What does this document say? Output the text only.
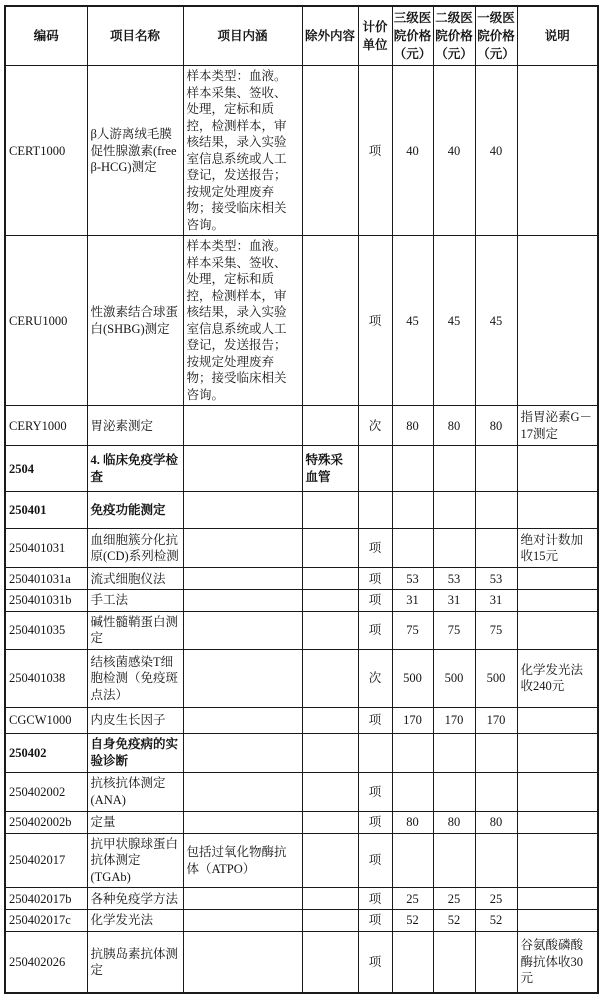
编码	项目名称	项目内涵	除外内容	计价单位	三级医院价格（元）	二级医院价格（元）	一级医院价格（元）	说明
CERT1000	β人游离绒毛膜促性腺激素(free β-HCG)测定	样本类型：血液。样本采集、签收、处理，定标和质控，检测样本，审核结果，录入实验室信息系统或人工登记，发送报告；按规定处理废弃物；接受临床相关咨询。		项	40	40	40	
CERU1000	性激素结合球蛋白(SHBG)测定	样本类型：血液。样本采集、签收、处理，定标和质控，检测样本，审核结果，录入实验室信息系统或人工登记，发送报告；按规定处理废弃物；接受临床相关咨询。		项	45	45	45	
CERY1000	胃泌素测定			次	80	80	80	指胃泌素G－17测定
2504	4. 临床免疫学检查		特殊采血管					
250401	免疫功能测定							
250401031	血细胞簇分化抗原(CD)系列检测			项				绝对计数加收15元
250401031a	流式细胞仪法			项	53	53	53	
250401031b	手工法			项	31	31	31	
250401035	碱性髓鞘蛋白测定			项	75	75	75	
250401038	结核菌感染T细胞检测（免疫斑点法）			次	500	500	500	化学发光法收240元
CGCW1000	内皮生长因子			项	170	170	170	
250402	自身免疫病的实验诊断							
250402002	抗核抗体测定(ANA)			项				
250402002b	定量			项	80	80	80	
250402017	抗甲状腺球蛋白抗体测定(TGAb)	包括过氧化物酶抗体（ATPO）		项				
250402017b	各种免疫学方法			项	25	25	25	
250402017c	化学发光法			项	52	52	52	
250402026	抗胰岛素抗体测定			项				谷氨酸磷酸酶抗体收30元
